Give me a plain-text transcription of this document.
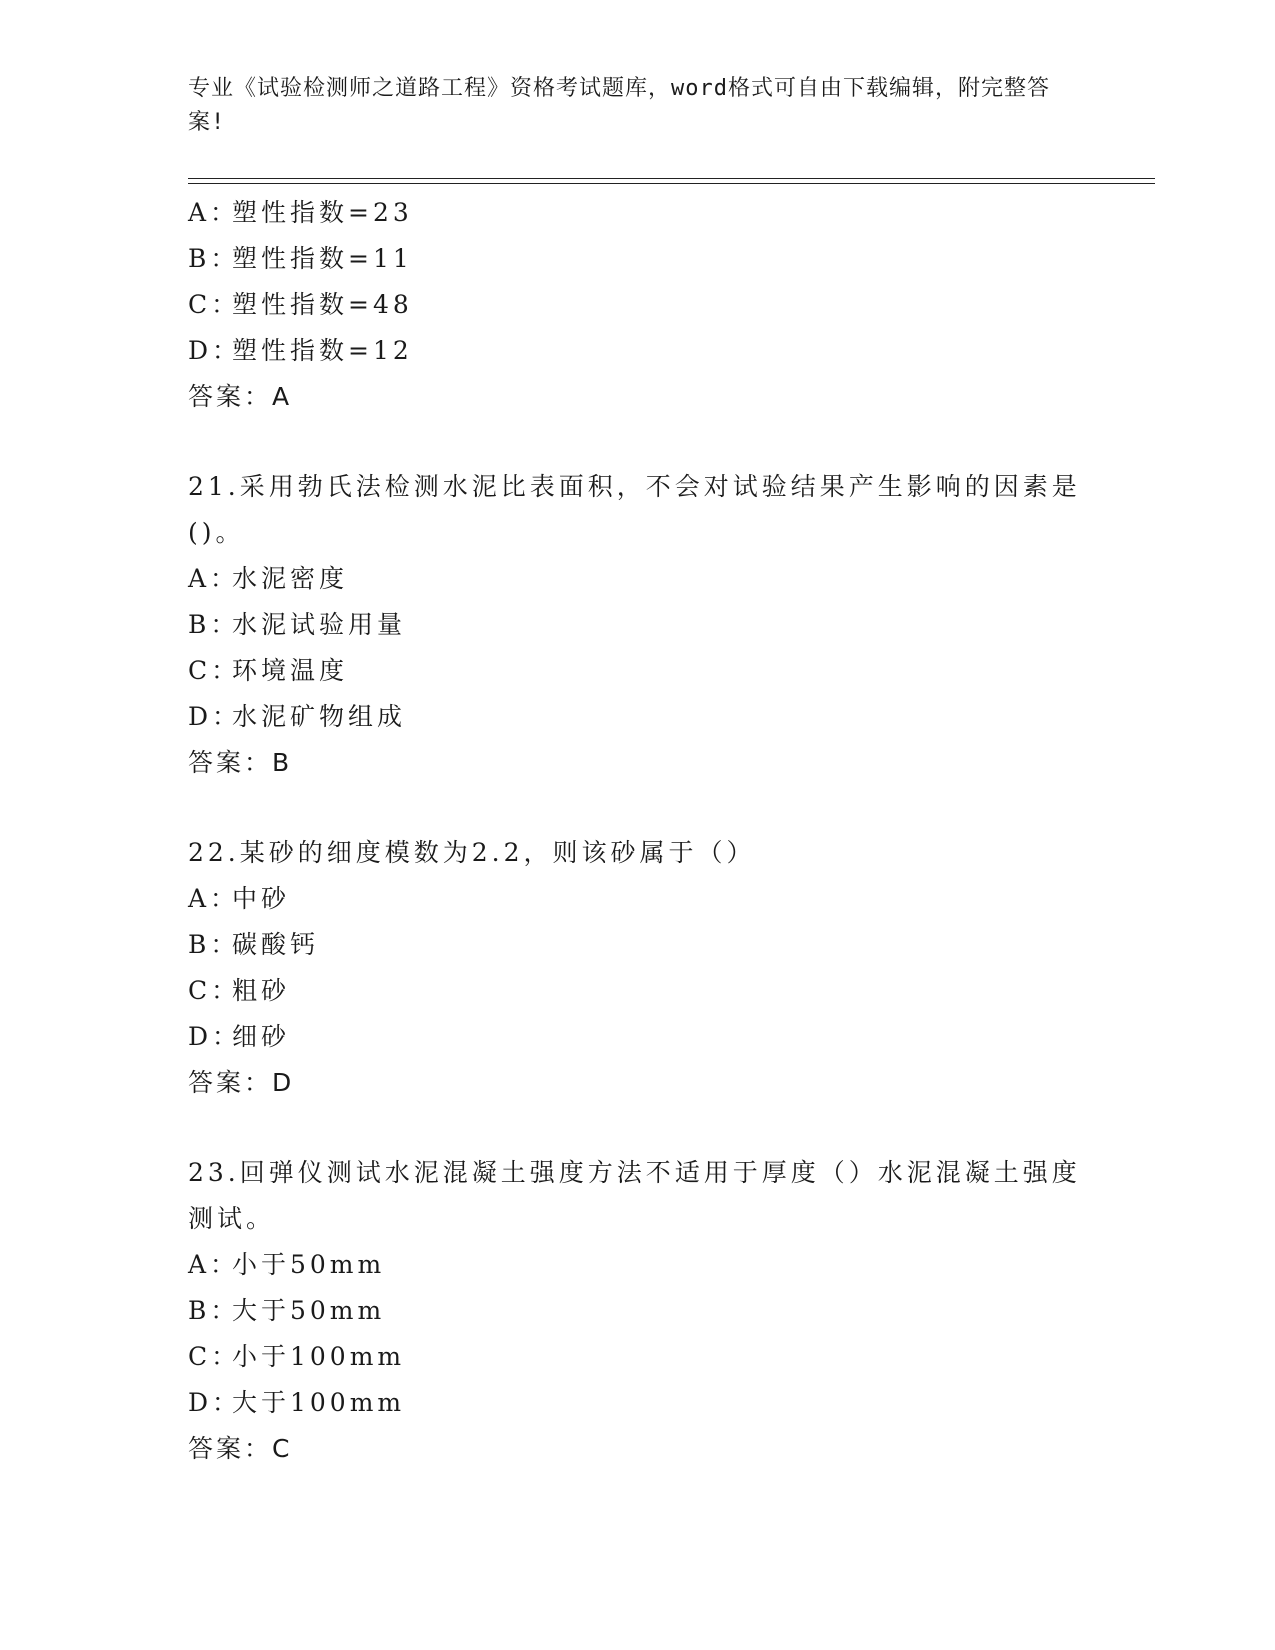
专业《试验检测师之道路工程》资格考试题库，word格式可自由下载编辑，附完整答案!
A：塑性指数=23
B：塑性指数=11
C：塑性指数=48
D：塑性指数=12
答案：A
21.采用勃氏法检测水泥比表面积，不会对试验结果产生影响的因素是()。
A：水泥密度
B：水泥试验用量
C：环境温度
D：水泥矿物组成
答案：B
22.某砂的细度模数为2.2，则该砂属于（）
A：中砂
B：碳酸钙
C：粗砂
D：细砂
答案：D
23.回弹仪测试水泥混凝土强度方法不适用于厚度（）水泥混凝土强度测试。
A：小于50mm
B：大于50mm
C：小于100mm
D：大于100mm
答案：C
